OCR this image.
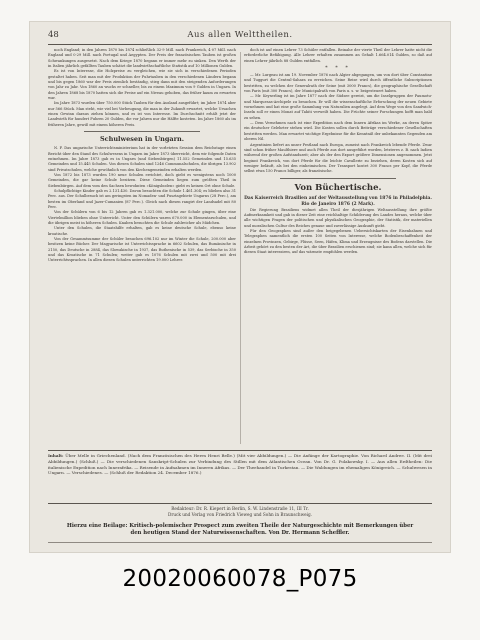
48	Aus allen Welttheilen.

noch England; in den Jahren 1870 bis 1874 schließlich 32·9 Mill. nach Frankreich, 4·07 Mill. nach England und 0·29 Mill. nach Portugal und Aegypten. Der Preis der französischen Tauben ist großen Schwankungen ausgesetzt. Nach dem Kriege 1870 begann er immer mehr zu sinken. Den Werth der in Italien jährlich gefällten Tauben schätzt die landwirthschaftliche Statistik auf 10 Millionen Gulden.

Es ist von Interesse, die Holzpreise zu vergleichen, wie sie sich in verschiedenen Perioden gestaltet haben. Seit man mit der Produktion der Fuhrtauben in den verschiedenen Ländern begann und bis gegen 1860 war der Preis ziemlich beständig, stieg dann mit den steigenden Anforderungen von Jahr zu Jahr. Von 1860 an wuchs er schneller, bis zu einem Maximum von 9 Gulden in Ungarn. In den Jahren 1868 bis 1870 hatten sich die Preise auf ein Niveau gehoben, das früher kaum zu erwarten war.

Im Jahre 1873 wurden über 750.000 Stück Tauben für den Ausland ausgeführt; im Jahre 1874 aber nur 566 Stück. Man steht, wie viel bei Vorbeugung, die man in der Zukunft erwartet, welche Ursachen einen Gewinn daraus ziehen können, und es ist von Interesse. Im Durchschnitt erhält jetzt der Landwirth für hundert Fuhren 20 Gulden, die vor Jahren nur die Hälfte kosteten. Im Jahre 1860 als im früheren Jahre, gewiß mit einem höheren Preis.

Schulwesen in Ungarn.

N. F. Das ungarische Unterrichtsministerium hat in der vorletzten Session dem Reichstage einen Bericht über den Stand des Schulwesens in Ungarn im Jahre 1873 überreicht, dem wir folgende Daten entnehmen. Im Jahre 1873 gab es in Ungarn (und Siebenbürgen) 11.552 Gemeinden und 15.635 Gemeinden und 15.445 Schulen. Von diesen Schulen sind 1246 Communalschulen, die übrigen 13.902 sind Privatschulen, welche gewöhnlich von den Kirchengemeinden erhalten werden.

Von 1872 bis 1873 wurden 190 neue Schulen errichtet, doch giebt es wenigstens noch 1000 Gemeinden, die gar keine Schule besitzen. Diese Gemeinden liegen zum größten Theil in Siebenbürgen. Auf dem vom den Sachsen bewohnten »Königsboden« giebt es keinen Ort ohne Schule.

Schulpflichtige Kinder gab es 2.131.430. Davon besuchten die Schule 1.461.304; es blieben also 31 Perc. aus. Der Schulbesuch ist am geringsten im Nomaden- und Pusztagebiete Ungarns (28 Perc.), am besten im Oberland und Jazer-Cumanien (87 Perc.). Gleich nach diesen rangirt der Landsadel mit 80 Perc.

Von der Schülern von 6 bis 12 Jahren gab es 1.321.000, welche zur Schule gingen, über eine Viertelmillion blieben ohne Unterricht. Unter den Schülern waren 670.000 in Elementarschulen, und die übrigen meist in höheren Schulen. Knaben besuchten die Schule zahlreicher als Mädchen.

Unter den Schulen, die Staatshilfe erhalten, gab es keine deutsche Schule, ebenso keine kroatische.

Von der Gesammtsumme der Schüler besuchen 696.102 nur im Winter die Schule, 200.000 aber besitzen keine Bücher. Der Magyarische ist Unterrichtssprache in 6602 Schulen, das Rumänische in 2150, das Deutsche in 2884, das Slowakische in 1937, das Ruthenische in 539, das Serbische in 350 und das Kroatische in 71 Schulen; weiter gab es 1076 Schulen mit zwei und 500 mit drei Unterrichtssprachen. In allen diesen Schulen unterrichten 19.000 Lehrer.

doch ist auf einen Lehrer 73 Schüler entfallen. Beinahe der vierte Theil der Lehrer hatte nicht die erforderliche Befähigung. Alle Lehrer erhalten zusammen an Gehalt 1.664.014 Gulden, so daß auf einen Lehrer jährlich 88 Gulden entfallen.

* * *

— Mr. Lurgeau ist am 19. November 1876 nach Algier abgegangen, um von dort über Constantine und Tuggurt die Central-Sahara zu erreichen. Seine Reise wird durch öffentliche Subscriptionen bestritten, zu welchen der Generalrath der Seine (mit 3000 Francs), die geographische Gesellschaft von Paris (mit 300 Francs), der Municipalrath von Paris u. s. w. beigesteuert haben.

— Mr. Keyserling ist im Jahre 1877 nach der Südsee gereist, um die Inselgruppen der Paumotu- und Marquesas-Archipele zu besuchen. Er will die wissenschaftliche Erforschung der neuen Gebiete vornehmen und hat eine große Sammlung von Naturalien angelegt. Auf dem Wege von den Sandwich-Inseln soll er einen Monat auf Tahiti verweilt haben. Die Früchte seiner Forschungen hofft man bald zu sehen.

— Dem Vernehmen nach ist eine Expedition nach dem Innern Afrikas im Werke, an deren Spitze ein deutscher Gelehrter stehen wird. Die Kosten sollen durch Beiträge verschiedener Gesellschaften bestritten werden. Man erwartet wichtige Ergebnisse für die Kenntniß der unbekannten Gegenden am oberen Nil.

Argentinien liefert an unser Festland nach Europa, zumeist nach Frankreich lebende Pferde. Zwar sind schon früher Maulthiere und auch Pferde aus dort ausgeführt worden, letzteres z. B. nach Indien während der großen Aufstandszeit; aber als der den Export größere Dimensionen angenommen. Jetzt beginnt Frankreich, von dort Pferde für die leichte Cavallerie zu beziehen, deren Kosten sich auf weniger beläuft, als bei den einheimischen. Der Transport kostet 300 Francs per Kopf, die Pferde selbst etwa 150 Francs billiger, als französische.

Von Büchertische.
Das Kaiserreich Brasilien auf der Weltausstellung von 1876 in Philadelphia. Rio de Janeiro 1876 (2 Mark).

Die Regierung Brasiliens widmet allen Theil der diesjährigen Weltausstellung ihre größte Aufmerksamkeit und gab in dieser Zeit eine reichhaltige Schilderung des Landes heraus, welche über alle wichtigen Fragen der politischen und physikalischen Geographie, der Statistik, der materiellen und moralischen Cultur des Reiches genaue und zuverlässige Auskunft giebt.

Für den Geographen sind außer den beigegebenen Uebersichtskarten der Eisenbahnen und Telegraphen namentlich die ersten 100 Seiten von Interesse, welche Bodenbeschaffenheit der einzelnen Provinzen, Gebirge, Flüsse, Seen, Häfen, Klima und Erzeugnisse des Bodens darstellen. Die Arbeit gehört zu den besten der Art, die über Brasilien erschienen sind; sie kann allen, welche sich für diesen Staat interessiren, auf das wärmste empfohlen werden.

Inhalt: Über Melle in Griechenland. (Nach dem Französischen des Herrn Henri Belle.) (Mit vier Abbildungen.) — Die Anfänge der Kartographie. Von Richard Andree. II. (Mit drei Abbildungen.) (Schluß.) — Die verschiedenen Sanskript-Schulen zur Verbindung des Stillen mit dem Atlantischen Ocean. Von Dr. G. Polakowsky. I. — Aus allen Erdtheilen: Die italienische Expedition nach Innerafrika. — Reisende in Aufnahmen im Inneren Afrikas. — Der Theehandel in Turkestan. — Die Waldungen im ehemaligen Königreich. — Schulwesen in Ungarn. — Verschiedenes. — (Schluß der Redaktion 24. December 1876.)
Redakteur: Dr. R. Kiepert in Berlin, S. W. Lindenstraße 11, III Tr.
Druck und Verlag von Friedrich Vieweg und Sohn in Braunschweig.
Hierzu eine Beilage: Kritisch-polemischer Prospect zum zweiten Theile der Naturgeschichte mit Bemerkungen über
den heutigen Stand der Naturwissenschaften. Von Dr. Hermann Scheffler.
20020060078_P075
